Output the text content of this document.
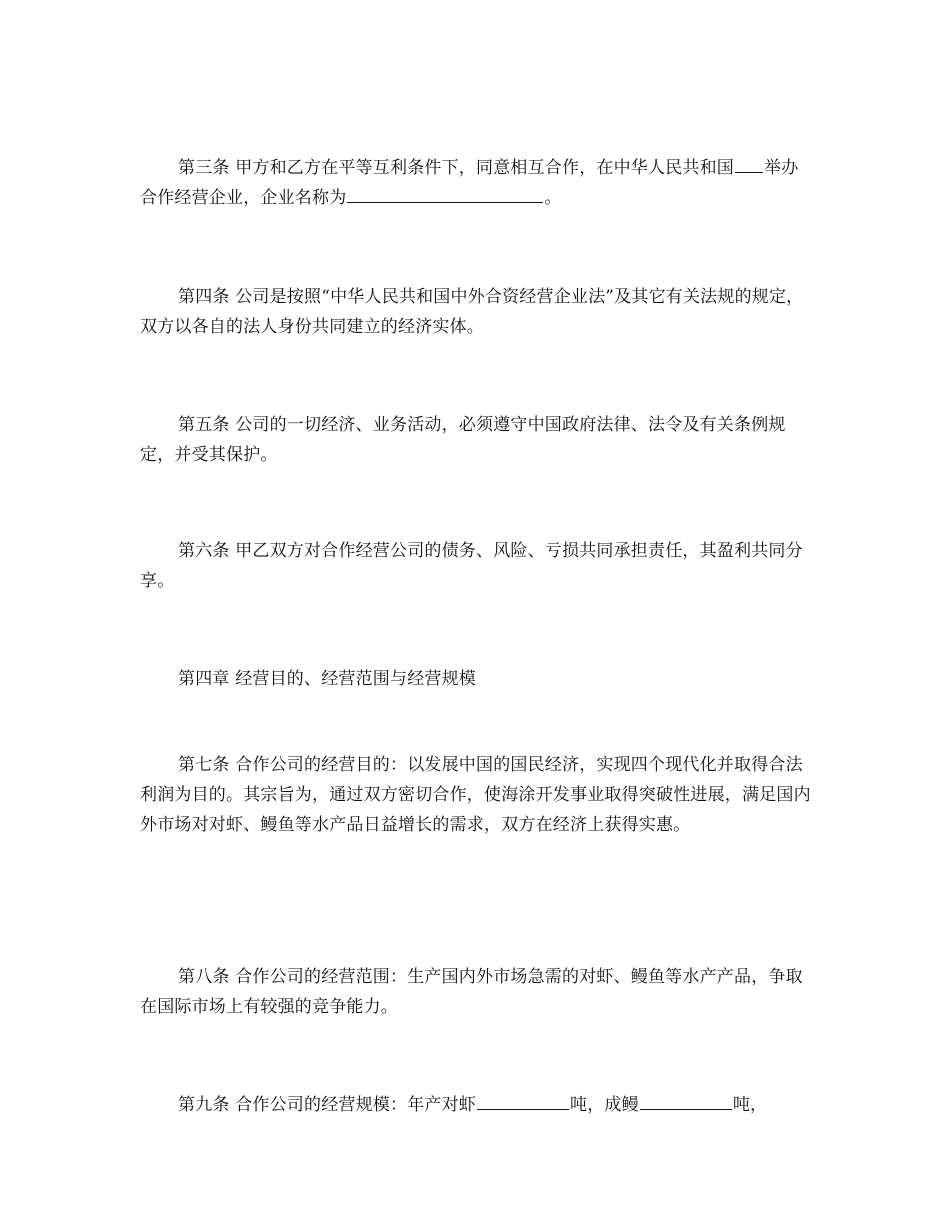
第三条 甲方和乙方在平等互利条件下，同意相互合作，在中华人民共和国 举办合作经营企业，企业名称为	。

第四条 公司是按照“中华人民共和国中外合资经营企业法”及其它有关法规的规定，双方以各自的法人身份共同建立的经济实体。

第五条 公司的一切经济、业务活动，必须遵守中国政府法律、法令及有关条例规定，并受其保护。

第六条 甲乙双方对合作经营公司的债务、风险、亏损共同承担责任，其盈利共同分享。

第四章 经营目的、经营范围与经营规模

第七条 合作公司的经营目的：以发展中国的国民经济，实现四个现代化并取得合法利润为目的。其宗旨为，通过双方密切合作，使海涂开发事业取得突破性进展，满足国内外市场对对虾、鳗鱼等水产品日益增长的需求，双方在经济上获得实惠。

第八条 合作公司的经营范围：生产国内外市场急需的对虾、鳗鱼等水产产品，争取在国际市场上有较强的竞争能力。

第九条 合作公司的经营规模：年产对虾	吨，成鳗	吨，
